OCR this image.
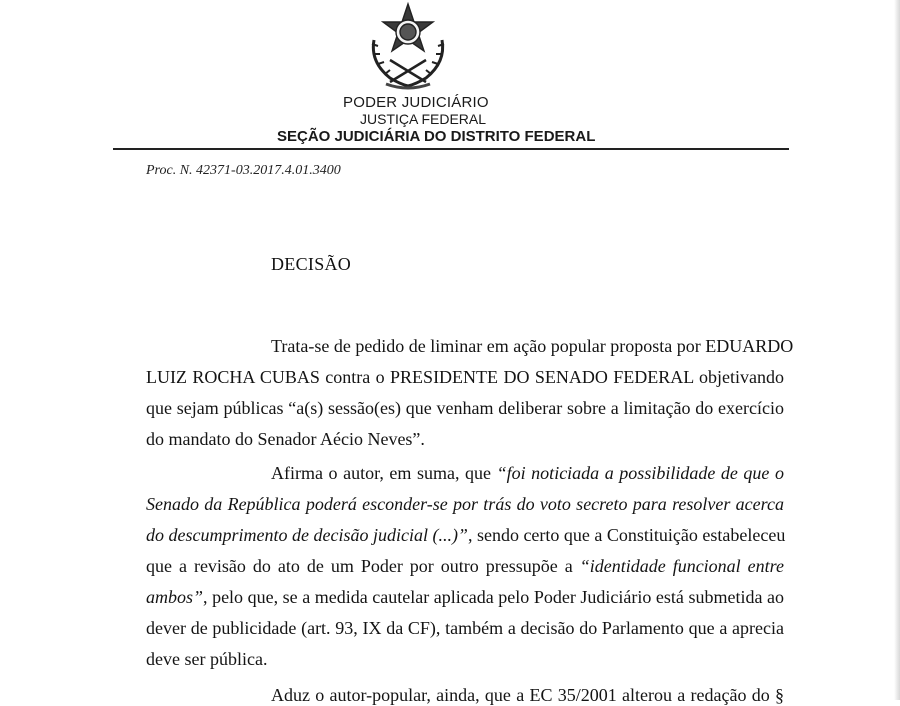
PODER JUDICIÁRIO
JUSTIÇA FEDERAL
SEÇÃO JUDICIÁRIA DO DISTRITO FEDERAL
Proc. N. 42371-03.2017.4.01.3400
DECISÃO
Trata-se de pedido de liminar em ação popular proposta por EDUARDO
LUIZ ROCHA CUBAS contra o PRESIDENTE DO SENADO FEDERAL objetivando
que sejam públicas “a(s) sessão(es) que venham deliberar sobre a limitação do exercício
do mandato do Senador Aécio Neves”.
Afirma o autor, em suma, que “foi noticiada a possibilidade de que o
Senado da República poderá esconder-se por trás do voto secreto para resolver acerca
do descumprimento de decisão judicial (...)”, sendo certo que a Constituição estabeleceu
que a revisão do ato de um Poder por outro pressupõe a “identidade funcional entre
ambos”, pelo que, se a medida cautelar aplicada pelo Poder Judiciário está submetida ao
dever de publicidade (art. 93, IX da CF), também a decisão do Parlamento que a aprecia
deve ser pública.
Aduz o autor-popular, ainda, que a EC 35/2001 alterou a redação do §
